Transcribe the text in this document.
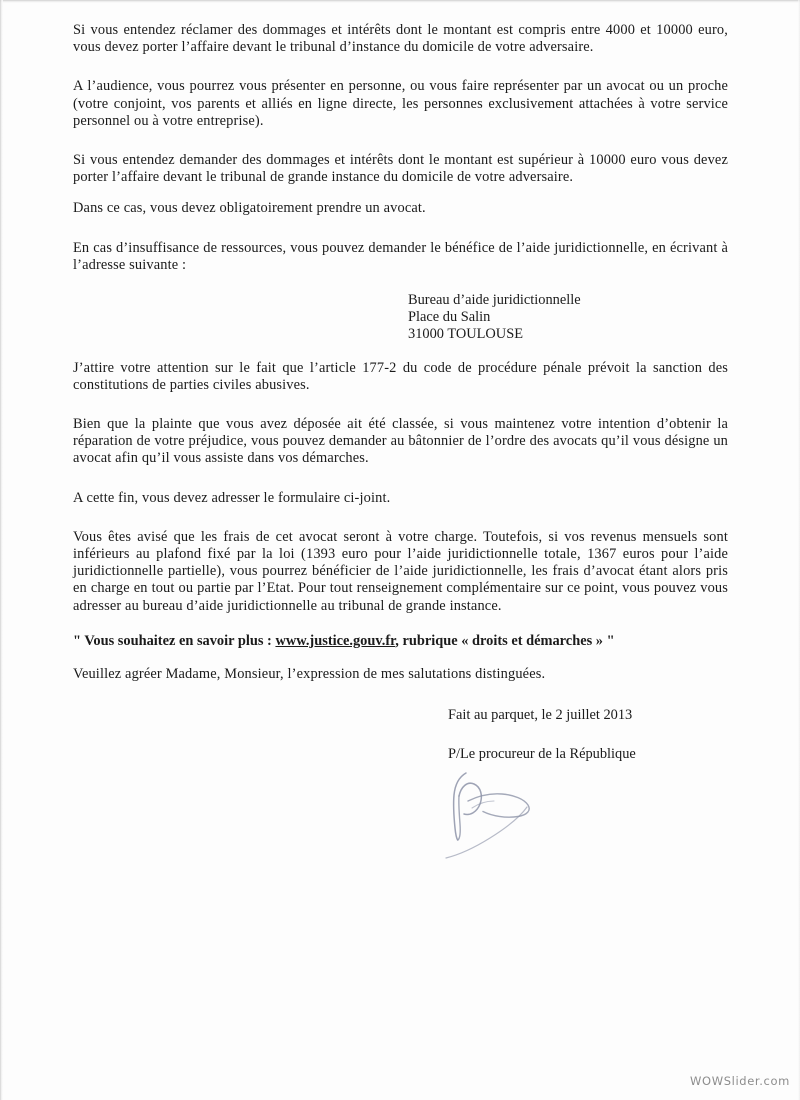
Si vous entendez réclamer des dommages et intérêts dont le montant est compris entre 4000 et 10000 euro, vous devez porter l’affaire devant le tribunal d’instance du domicile de votre adversaire.

A l’audience, vous pourrez vous présenter en personne, ou vous faire représenter par un avocat ou un proche (votre conjoint, vos parents et alliés en ligne directe, les personnes exclusivement attachées à votre service personnel ou à votre entreprise).

Si vous entendez demander des dommages et intérêts dont le montant est supérieur à 10000 euro vous devez porter l’affaire devant le tribunal de grande instance du domicile de votre adversaire.

Dans ce cas, vous devez obligatoirement prendre un avocat.

En cas d’insuffisance de ressources, vous pouvez demander le bénéfice de l’aide juridictionnelle, en écrivant à l’adresse suivante :

Bureau d’aide juridictionnelle
Place du Salin
31000 TOULOUSE

J’attire votre attention sur le fait que l’article 177-2 du code de procédure pénale prévoit la sanction des constitutions de parties civiles abusives.

Bien que la plainte que vous avez déposée ait été classée, si vous maintenez votre intention d’obtenir la réparation de votre préjudice, vous pouvez demander au bâtonnier de l’ordre des avocats qu’il vous désigne un avocat afin qu’il vous assiste dans vos démarches.

A cette fin, vous devez adresser le formulaire ci-joint.

Vous êtes avisé que les frais de cet avocat seront à votre charge. Toutefois, si vos revenus mensuels sont inférieurs au plafond fixé par la loi (1393 euro pour l’aide juridictionnelle totale, 1367 euros pour l’aide juridictionnelle partielle), vous pourrez bénéficier de l’aide juridictionnelle, les frais d’avocat étant alors pris en charge en tout ou partie par l’Etat. Pour tout renseignement complémentaire sur ce point, vous pouvez vous adresser au bureau d’aide juridictionnelle au tribunal de grande instance.

" Vous souhaitez en savoir plus : www.justice.gouv.fr, rubrique « droits et démarches » "

Veuillez agréer Madame, Monsieur, l’expression de mes salutations distinguées.

Fait au parquet, le 2 juillet 2013
P/Le procureur de la République
WOWSlider.com
